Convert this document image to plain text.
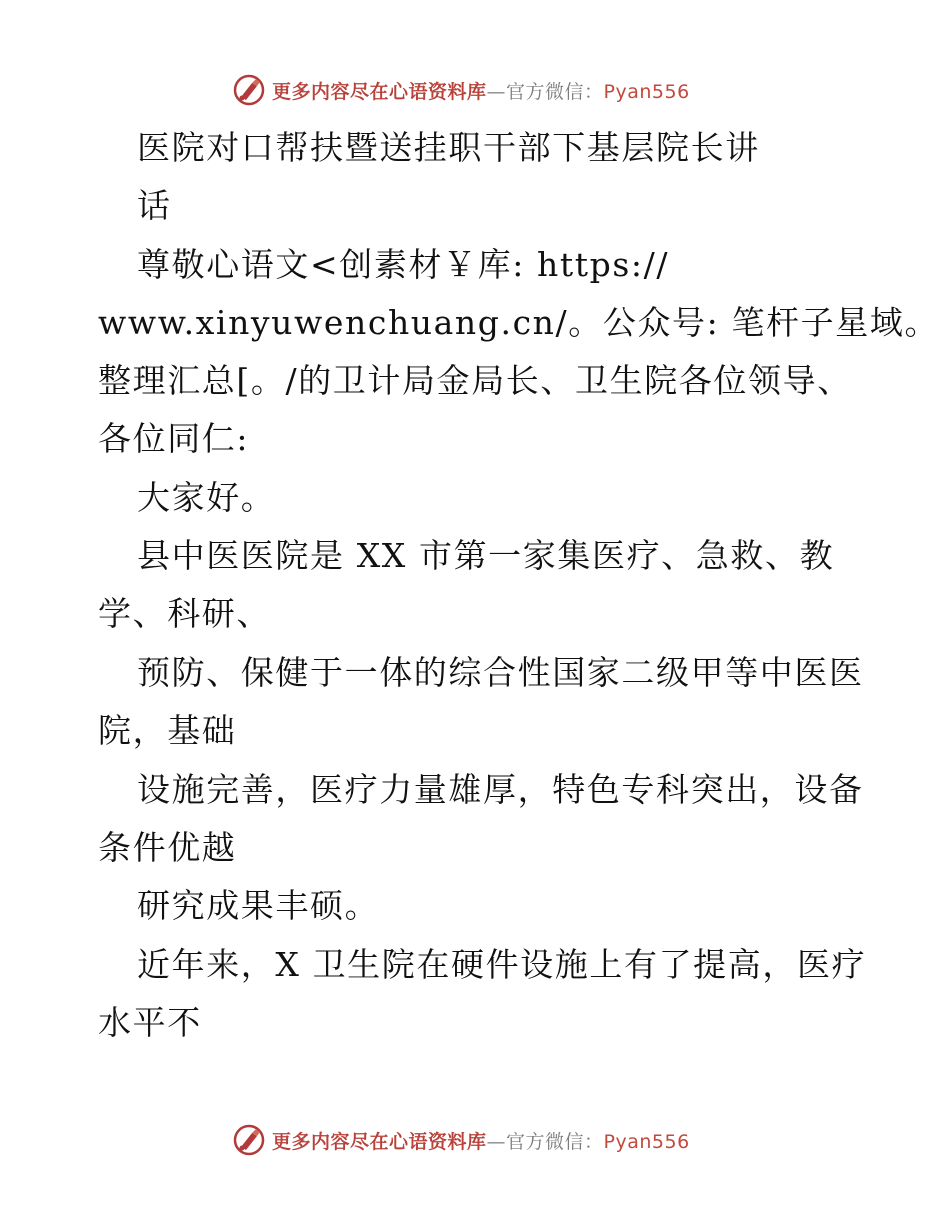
更多内容尽在心语资料库—官方微信：Pyan556
医院对口帮扶暨送挂职干部下基层院长讲
话
尊敬心语文<创素材￥库: https://
www.xinyuwenchuang.cn/。公众号: 笔杆子星域。
整理汇总[。/的卫计局金局长、卫生院各位领导、
各位同仁:
大家好。
县中医医院是 XX 市第一家集医疗、急救、教
学、科研、
预防、保健于一体的综合性国家二级甲等中医医
院，基础
设施完善，医疗力量雄厚，特色专科突出，设备
条件优越
研究成果丰硕。
近年来，X 卫生院在硬件设施上有了提高，医疗
水平不
更多内容尽在心语资料库—官方微信：Pyan556
